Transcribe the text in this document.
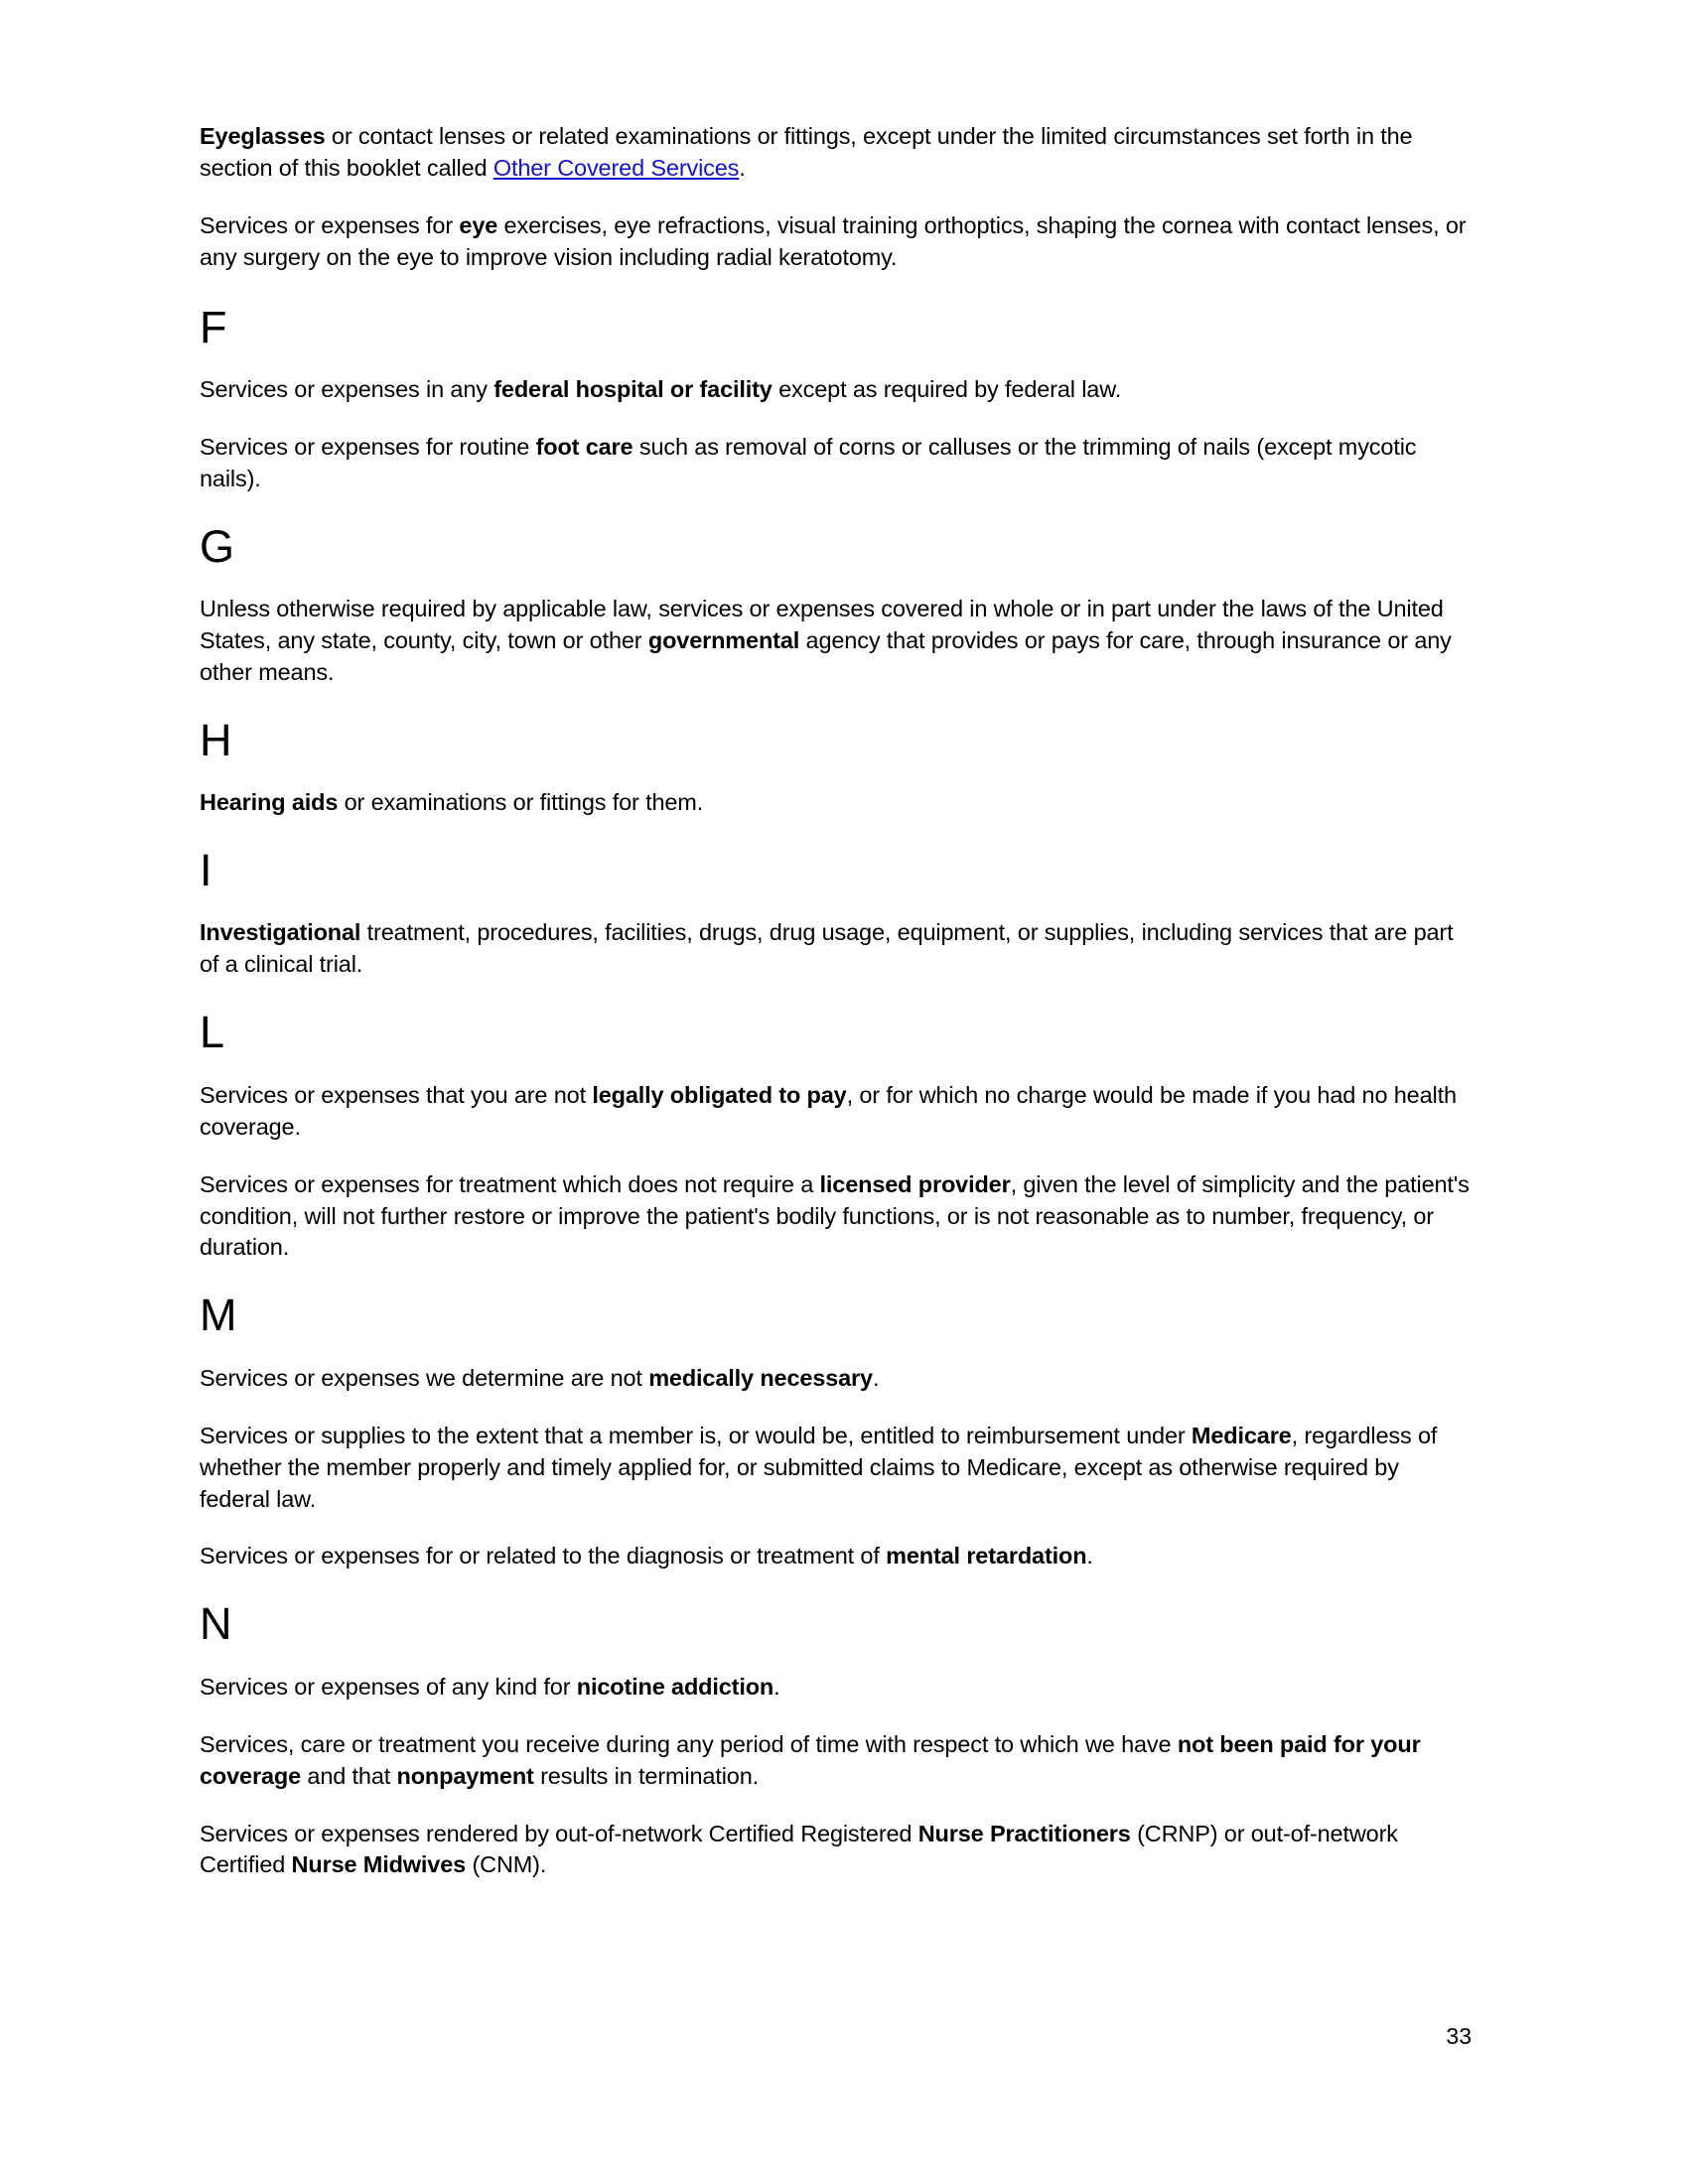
Eyeglasses or contact lenses or related examinations or fittings, except under the limited circumstances set forth in the section of this booklet called Other Covered Services.

Services or expenses for eye exercises, eye refractions, visual training orthoptics, shaping the cornea with contact lenses, or any surgery on the eye to improve vision including radial keratotomy.

F

Services or expenses in any federal hospital or facility except as required by federal law.

Services or expenses for routine foot care such as removal of corns or calluses or the trimming of nails (except mycotic nails).

G

Unless otherwise required by applicable law, services or expenses covered in whole or in part under the laws of the United States, any state, county, city, town or other governmental agency that provides or pays for care, through insurance or any other means.

H

Hearing aids or examinations or fittings for them.

I

Investigational treatment, procedures, facilities, drugs, drug usage, equipment, or supplies, including services that are part of a clinical trial.

L

Services or expenses that you are not legally obligated to pay, or for which no charge would be made if you had no health coverage.

Services or expenses for treatment which does not require a licensed provider, given the level of simplicity and the patient's condition, will not further restore or improve the patient's bodily functions, or is not reasonable as to number, frequency, or duration.

M

Services or expenses we determine are not medically necessary.

Services or supplies to the extent that a member is, or would be, entitled to reimbursement under Medicare, regardless of whether the member properly and timely applied for, or submitted claims to Medicare, except as otherwise required by federal law.

Services or expenses for or related to the diagnosis or treatment of mental retardation.

N

Services or expenses of any kind for nicotine addiction.

Services, care or treatment you receive during any period of time with respect to which we have not been paid for your coverage and that nonpayment results in termination.

Services or expenses rendered by out-of-network Certified Registered Nurse Practitioners (CRNP) or out-of-network Certified Nurse Midwives (CNM).

33
